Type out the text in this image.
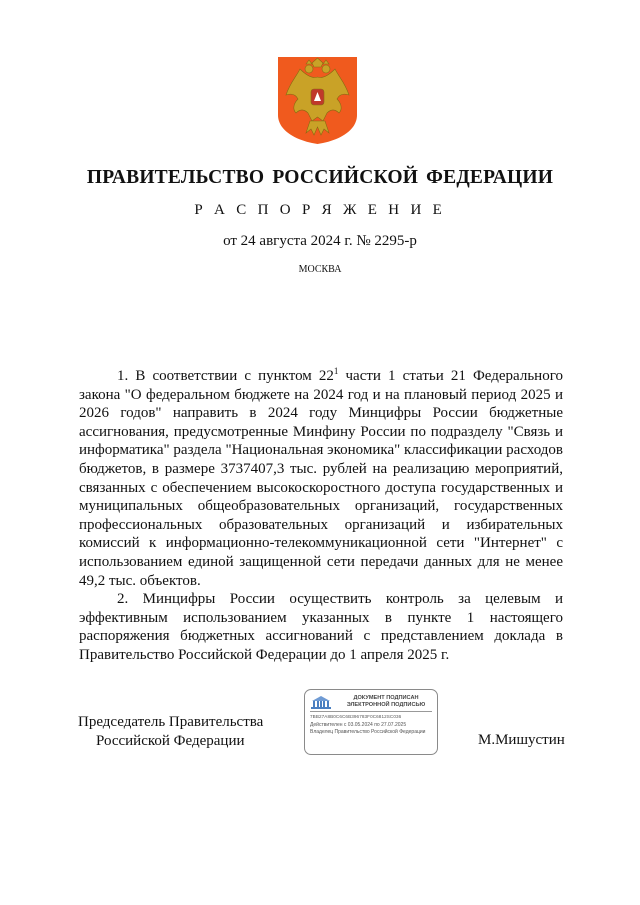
ПРАВИТЕЛЬСТВО РОССИЙСКОЙ ФЕДЕРАЦИИ
Р А С П О Р Я Ж Е Н И Е
от 24 августа 2024 г. № 2295-р
МОСКВА

1. В соответствии с пунктом $22^1$ части 1 статьи 21 Федерального закона "О федеральном бюджете на 2024 год и на плановый период 2025 и 2026 годов" направить в 2024 году Минцифры России бюджетные ассигнования, предусмотренные Минфину России по подразделу "Связь и информатика" раздела "Национальная экономика" классификации расходов бюджетов, в размере 3737407,3 тыс. рублей на реализацию мероприятий, связанных с обеспечением высокоскоростного доступа государственных и муниципальных общеобразовательных организаций, государственных профессиональных образовательных организаций и избирательных комиссий к информационно-телекоммуникационной сети "Интернет" с использованием единой защищенной сети передачи данных для не менее 49,2 тыс. объектов.

2. Минцифры России осуществить контроль за целевым и эффективным использованием указанных в пункте 1 настоящего распоряжения бюджетных ассигнований с представлением доклада в Правительство Российской Федерации до 1 апреля 2025 г.

Председатель Правительства
Российской Федерации
ДОКУМЕНТ ПОДПИСАН
ЭЛЕКТРОННОЙ ПОДПИСЬЮ
7BB27A8B0C6C6B396783F0C6812SC036
Действителен с 03.05.2024 по 27.07.2025
Владелец Правительство Российской Федерации	М.Мишустин
